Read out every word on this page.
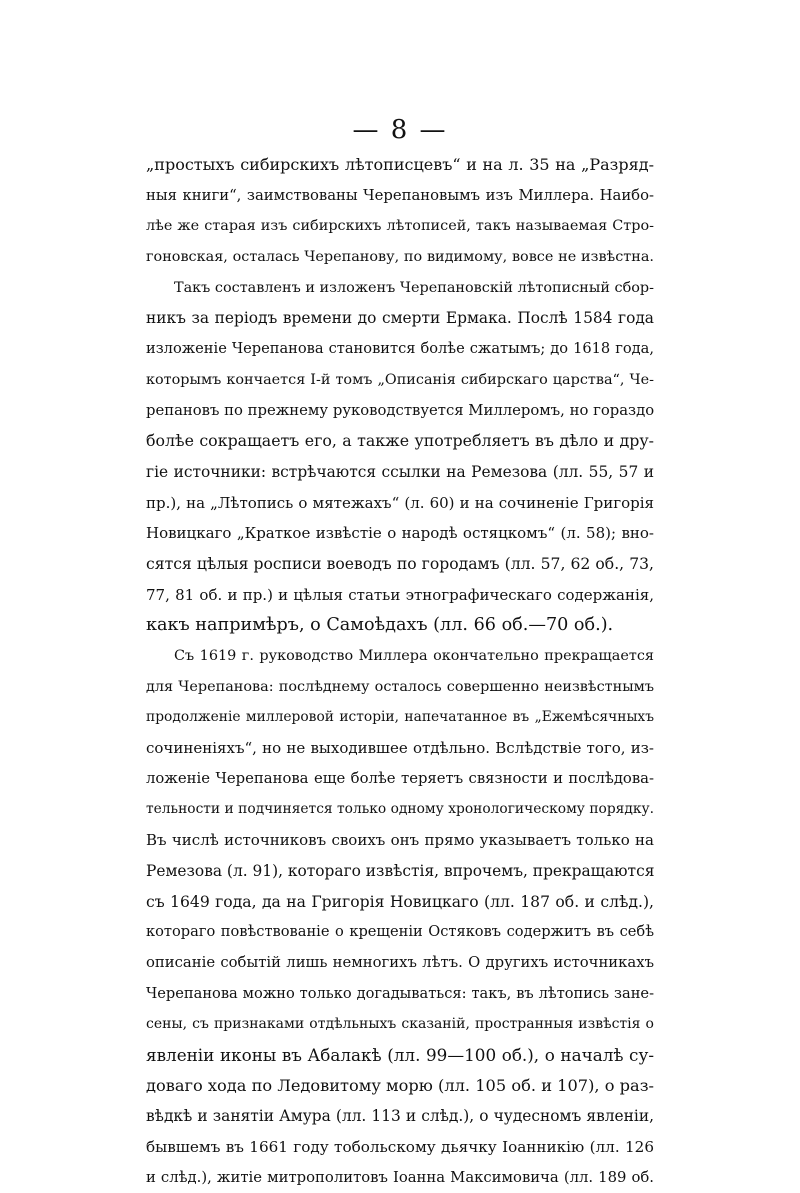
— 8 —
„простыхъ сибирскихъ лѣтописцевъ“ и на л. 35 на „Разряд-
ныя книги“, заимствованы Черепановымъ изъ Миллера. Наибо-
лѣе же старая изъ сибирскихъ лѣтописей, такъ называемая Стро-
гоновская, осталась Черепанову, по видимому, вовсе не извѣстна.
Такъ составленъ и изложенъ Черепановскій лѣтописный сбор-
никъ за періодъ времени до смерти Ермака. Послѣ 1584 года
изложеніе Черепанова становится болѣе сжатымъ; до 1618 года,
которымъ кончается I-й томъ „Описанія сибирскаго царства“, Че-
репановъ по прежнему руководствуется Миллеромъ, но гораздо
болѣе сокращаетъ его, а также употребляетъ въ дѣло и дру-
гіе источники: встрѣчаются ссылки на Ремезова (лл. 55, 57 и
пр.), на „Лѣтопись о мятежахъ“ (л. 60) и на сочиненіе Григорія
Новицкаго „Краткое извѣстіе о народѣ остяцкомъ“ (л. 58); вно-
сятся цѣлыя росписи воеводъ по городамъ (лл. 57, 62 об., 73,
77, 81 об. и пр.) и цѣлыя статьи этнографическаго содержанія,
какъ напримѣръ, о Самоѣдахъ (лл. 66 об.—70 об.).
Съ 1619 г. руководство Миллера окончательно прекращается
для Черепанова: послѣднему осталось совершенно неизвѣстнымъ
продолженіе миллеровой исторіи, напечатанное въ „Ежемѣсячныхъ
сочиненіяхъ“, но не выходившее отдѣльно. Вслѣдствіе того, из-
ложеніе Черепанова еще болѣе теряетъ связности и послѣдова-
тельности и подчиняется только одному хронологическому порядку.
Въ числѣ источниковъ своихъ онъ прямо указываетъ только на
Ремезова (л. 91), котораго извѣстія, впрочемъ, прекращаются
съ 1649 года, да на Григорія Новицкаго (лл. 187 об. и слѣд.),
котораго повѣствованіе о крещеніи Остяковъ содержитъ въ себѣ
описаніе событій лишь немногихъ лѣтъ. О другихъ источникахъ
Черепанова можно только догадываться: такъ, въ лѣтопись зане-
сены, съ признаками отдѣльныхъ сказаній, пространныя извѣстія о
явленіи иконы въ Абалакѣ (лл. 99—100 об.), о началѣ су-
доваго хода по Ледовитому морю (лл. 105 об. и 107), о раз-
вѣдкѣ и занятіи Амура (лл. 113 и слѣд.), о чудесномъ явленіи,
бывшемъ въ 1661 году тобольскому дьячку Іоанникію (лл. 126
и слѣд.), житіе митрополитовъ Іоанна Максимовича (лл. 189 об.
